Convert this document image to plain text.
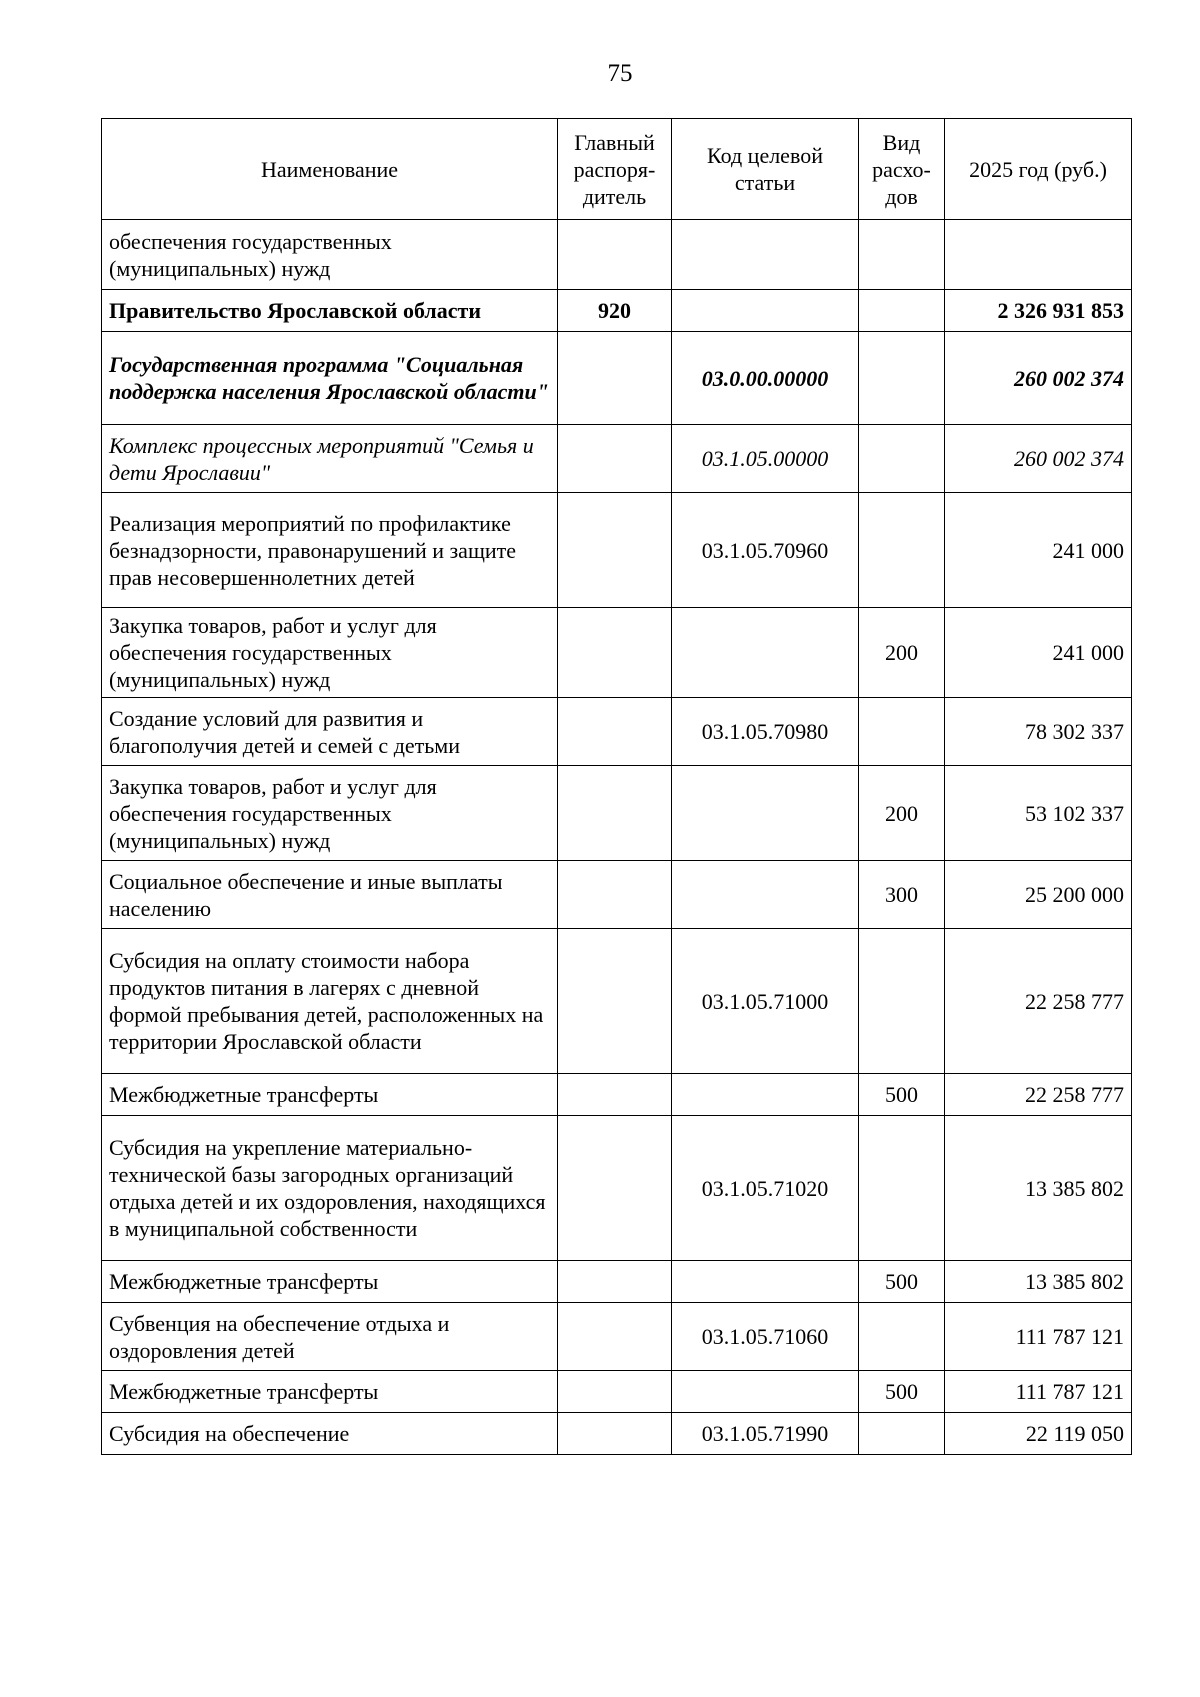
75
Наименование	Главный распоря-дитель	Код целевой статьи	Вид расхо-дов	2025 год (руб.)
обеспечения государственных (муниципальных) нужд				
Правительство Ярославской области	920			2 326 931 853
Государственная программа "Социальная поддержка населения Ярославской области"		03.0.00.00000		260 002 374
Комплекс процессных мероприятий "Семья и дети Ярославии"		03.1.05.00000		260 002 374
Реализация мероприятий по профилактике безнадзорности, правонарушений и защите прав несовершеннолетних детей		03.1.05.70960		241 000
Закупка товаров, работ и услуг для обеспечения государственных (муниципальных) нужд			200	241 000
Создание условий для развития и благополучия детей и семей с детьми		03.1.05.70980		78 302 337
Закупка товаров, работ и услуг для обеспечения государственных (муниципальных) нужд			200	53 102 337
Социальное обеспечение и иные выплаты населению			300	25 200 000
Субсидия на оплату стоимости набора продуктов питания в лагерях с дневной формой пребывания детей, расположенных на территории Ярославской области		03.1.05.71000		22 258 777
Межбюджетные трансферты			500	22 258 777
Субсидия на укрепление материально-технической базы загородных организаций отдыха детей и их оздоровления, находящихся в муниципальной собственности		03.1.05.71020		13 385 802
Межбюджетные трансферты			500	13 385 802
Субвенция на обеспечение отдыха и оздоровления детей		03.1.05.71060		111 787 121
Межбюджетные трансферты			500	111 787 121
Субсидия на обеспечение		03.1.05.71990		22 119 050
